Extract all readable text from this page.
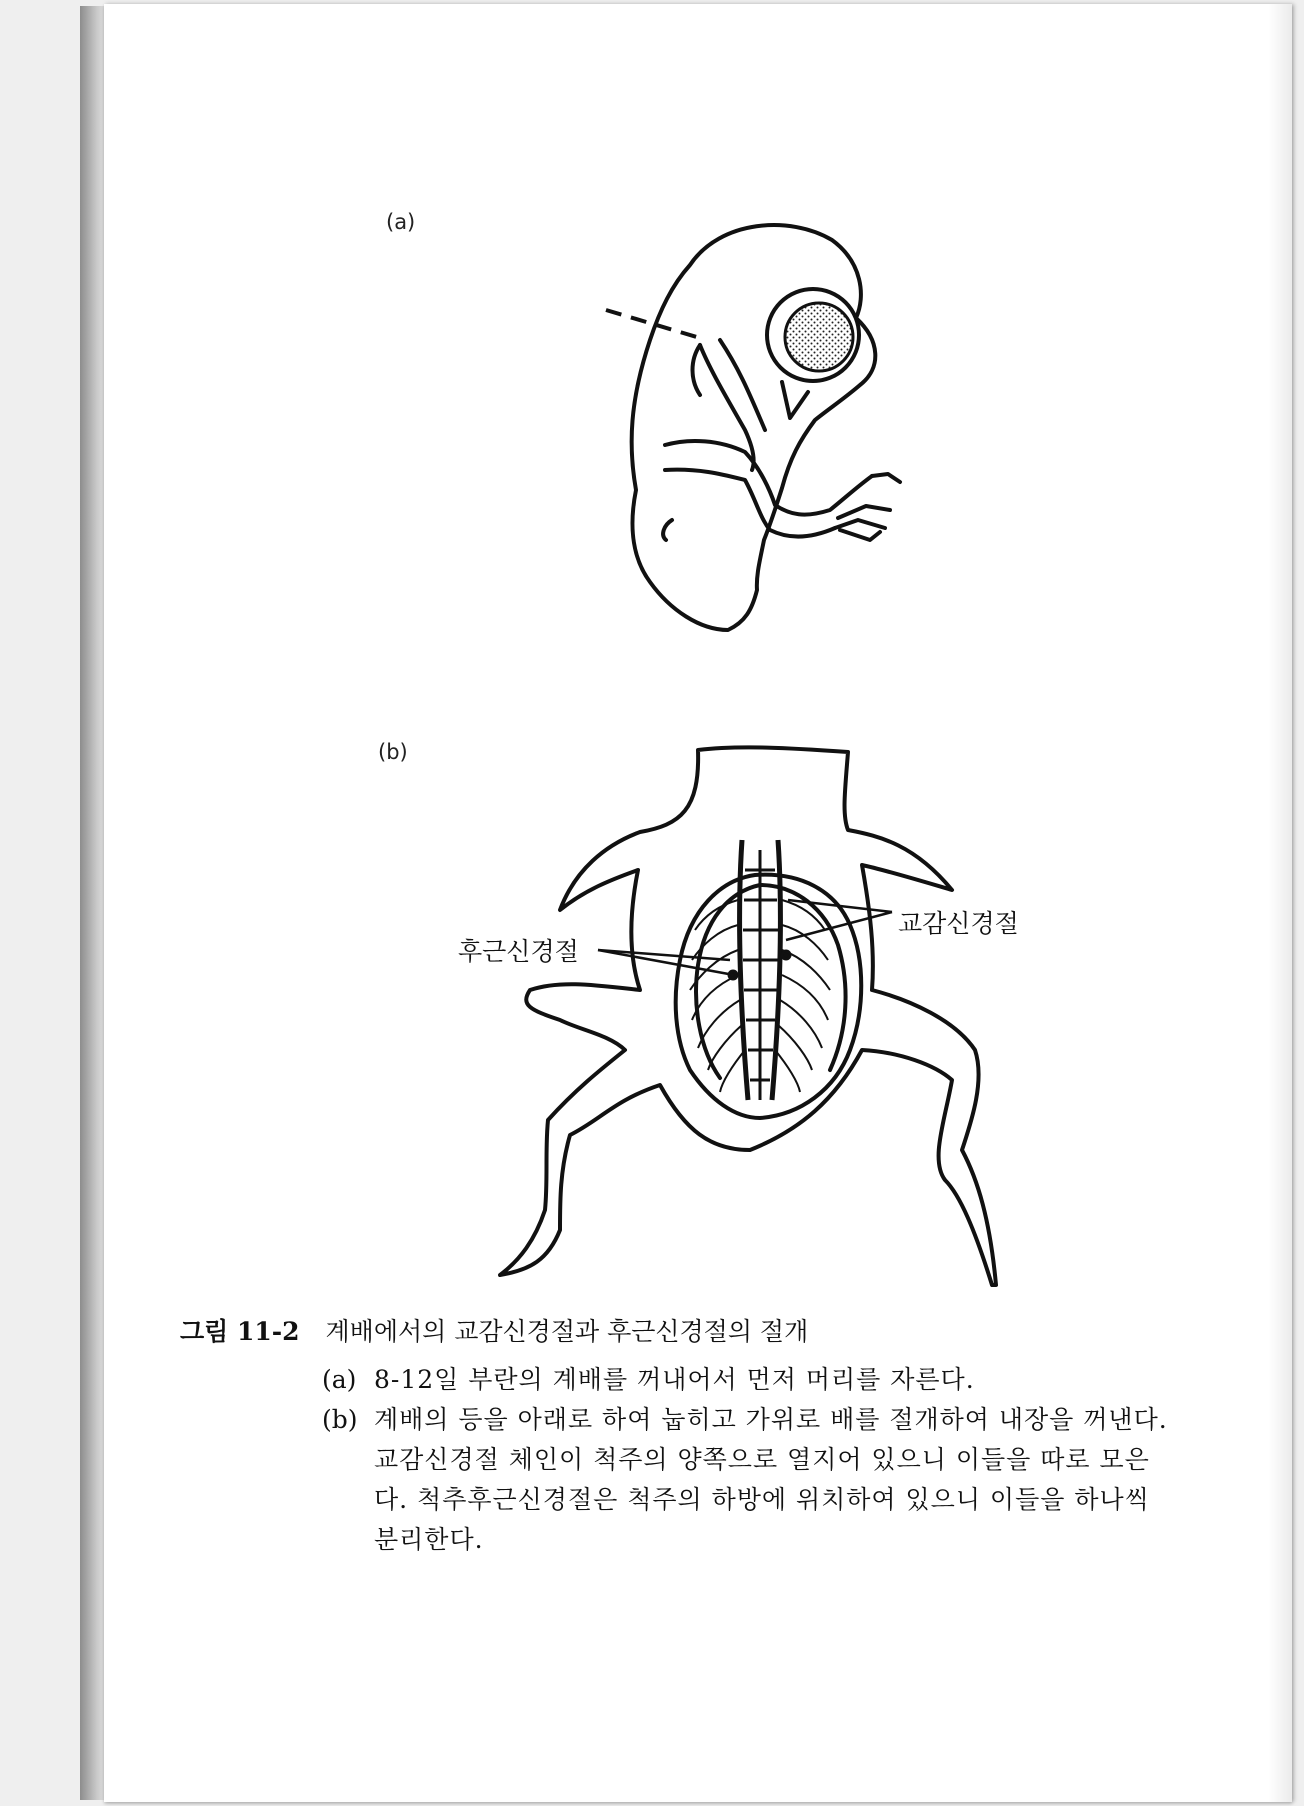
(a)
(b)
교감신경절
후근신경절
그림 11-2 계배에서의 교감신경절과 후근신경절의 절개
(a) 8-12일 부란의 계배를 꺼내어서 먼저 머리를 자른다.
(b) 계배의 등을 아래로 하여 눕히고 가위로 배를 절개하여 내장을 꺼낸다. 교감신경절 체인이 척주의 양쪽으로 열지어 있으니 이들을 따로 모은다. 척추후근신경절은 척주의 하방에 위치하여 있으니 이들을 하나씩 분리한다.
